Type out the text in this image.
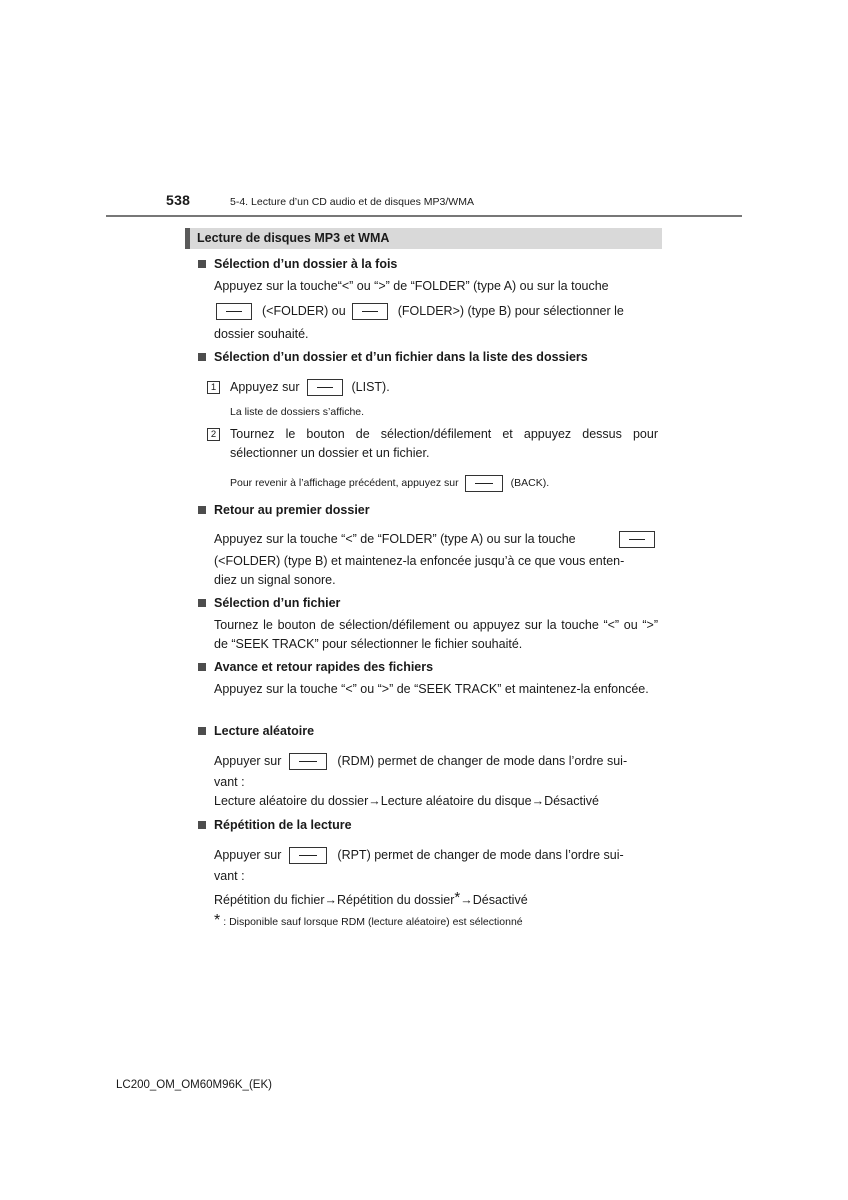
538	5-4. Lecture d’un CD audio et de disques MP3/WMA
Lecture de disques MP3 et WMA
Sélection d’un dossier à la fois
Appuyez sur la touche“<” ou “>” de “FOLDER” (type A) ou sur la touche
(<FOLDER) ou	(FOLDER>) (type B) pour sélectionner le
dossier souhaité.
Sélection d’un dossier et d’un fichier dans la liste des dossiers
1	Appuyez sur	(LIST).
La liste de dossiers s’affiche.
2	Tournez le bouton de sélection/défilement et appuyez dessus pour sélectionner un dossier et un fichier.
Pour revenir à l’affichage précédent, appuyez sur	(BACK).
Retour au premier dossier
Appuyez sur la touche “<” de “FOLDER” (type A) ou sur la touche
(<FOLDER) (type B) et maintenez-la enfoncée jusqu’à ce que vous enten-
diez un signal sonore.
Sélection d’un fichier
Tournez le bouton de sélection/défilement ou appuyez sur la touche “<” ou “>” de “SEEK TRACK” pour sélectionner le fichier souhaité.
Avance et retour rapides des fichiers
Appuyez sur la touche “<” ou “>” de “SEEK TRACK” et maintenez-la enfoncée.
Lecture aléatoire
Appuyer sur	(RDM) permet de changer de mode dans l’ordre sui-
vant :
Lecture aléatoire du dossier→Lecture aléatoire du disque→Désactivé
Répétition de la lecture
Appuyer sur	(RPT) permet de changer de mode dans l’ordre sui-
vant :
Répétition du fichier→Répétition du dossier*→Désactivé
* : Disponible sauf lorsque RDM (lecture aléatoire) est sélectionné
LC200_OM_OM60M96K_(EK)
